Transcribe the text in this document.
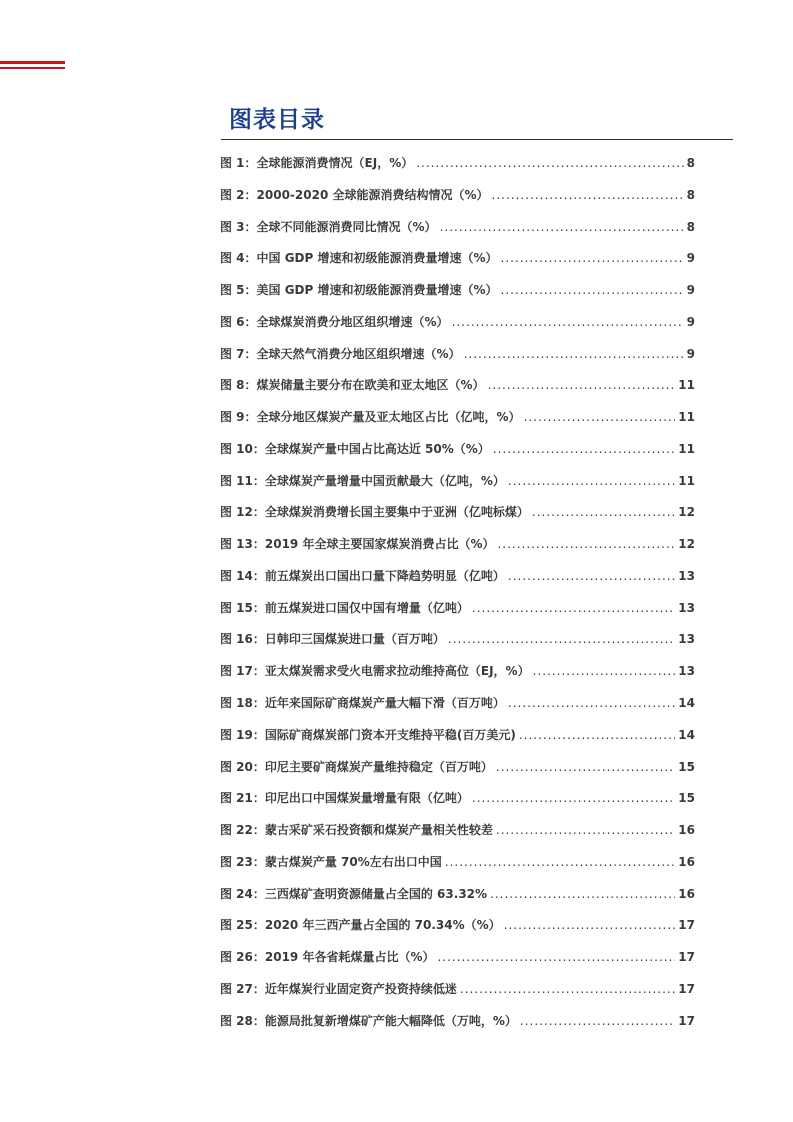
图表目录
图 1：全球能源消费情况（EJ，%） .....	8
图 2：2000-2020 全球能源消费结构情况（%） .....	8
图 3：全球不同能源消费同比情况（%） .....	8
图 4：中国 GDP 增速和初级能源消费量增速（%） .....	9
图 5：美国 GDP 增速和初级能源消费量增速（%） .....	9
图 6：全球煤炭消费分地区组织增速（%） .....	9
图 7：全球天然气消费分地区组织增速（%） .....	9
图 8：煤炭储量主要分布在欧美和亚太地区（%） .....	11
图 9：全球分地区煤炭产量及亚太地区占比（亿吨，%） .....	11
图 10：全球煤炭产量中国占比高达近 50%（%） .....	11
图 11：全球煤炭产量增量中国贡献最大（亿吨，%） .....	11
图 12：全球煤炭消费增长国主要集中于亚洲（亿吨标煤） .....	12
图 13：2019 年全球主要国家煤炭消费占比（%） .....	12
图 14：前五煤炭出口国出口量下降趋势明显（亿吨） .....	13
图 15：前五煤炭进口国仅中国有增量（亿吨） .....	13
图 16：日韩印三国煤炭进口量（百万吨） .....	13
图 17：亚太煤炭需求受火电需求拉动维持高位（EJ，%） .....	13
图 18：近年来国际矿商煤炭产量大幅下滑（百万吨） .....	14
图 19：国际矿商煤炭部门资本开支维持平稳(百万美元) .....	14
图 20：印尼主要矿商煤炭产量维持稳定（百万吨） .....	15
图 21：印尼出口中国煤炭量增量有限（亿吨） .....	15
图 22：蒙古采矿采石投资额和煤炭产量相关性较差 .....	16
图 23：蒙古煤炭产量 70%左右出口中国 .....	16
图 24：三西煤矿查明资源储量占全国的 63.32% .....	16
图 25：2020 年三西产量占全国的 70.34%（%） .....	17
图 26：2019 年各省耗煤量占比（%） .....	17
图 27：近年煤炭行业固定资产投资持续低迷 .....	17
图 28：能源局批复新增煤矿产能大幅降低（万吨，%） .....	17
